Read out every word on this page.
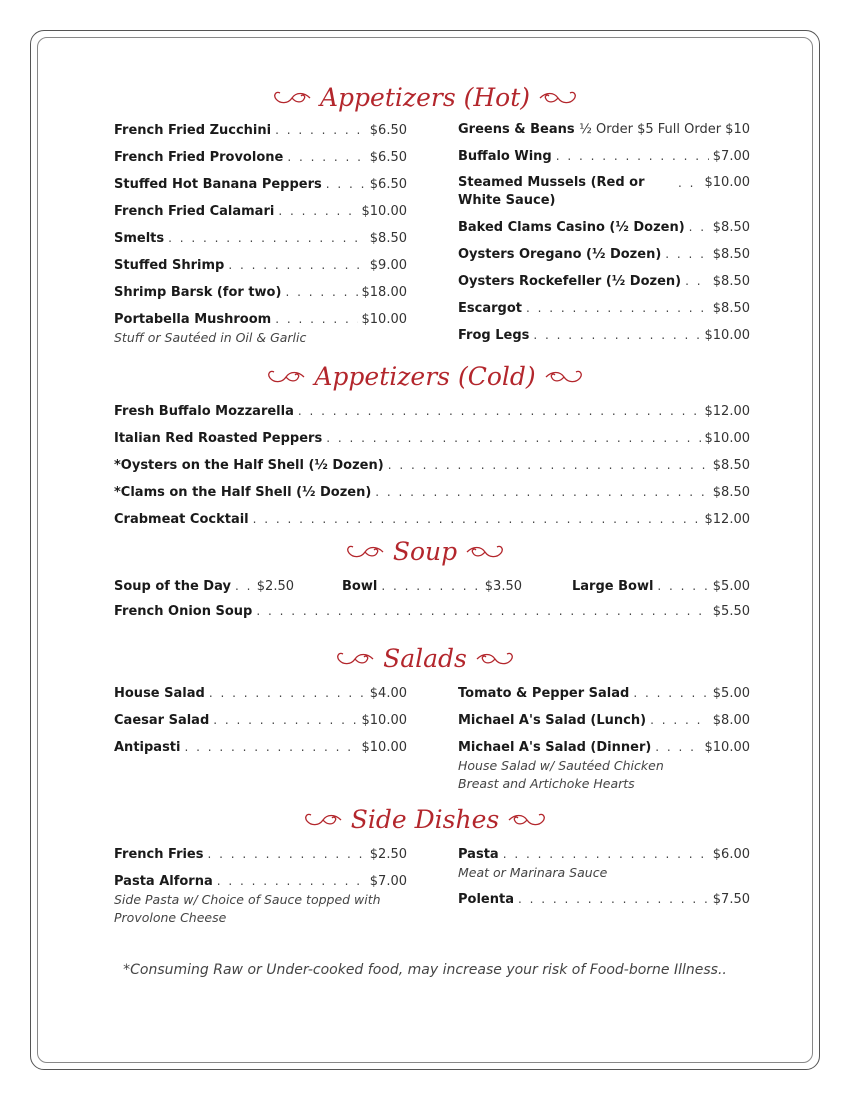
Appetizers (Hot)
French Fried Zucchini . . .	$6.50
French Fried Provolone . . .	$6.50
Stuffed Hot Banana Peppers . . .	$6.50
French Fried Calamari . . .	$10.00
Smelts . . .	$8.50
Stuffed Shrimp . . .	$9.00
Shrimp Barsk (for two) . . .	$18.00
Portabella Mushroom . . .	$10.00
Stuff or Sautéed in Oil & Garlic
Greens & Beans ½ Order $5 Full Order $10
Buffalo Wing . . .	$7.00
Steamed Mussels (Red or White Sauce)
. . .
$10.00
Baked Clams Casino (½ Dozen) . . . $8.50
Oysters Oregano (½ Dozen) . . .	$8.50
Oysters Rockefeller (½ Dozen) . . . $8.50
Escargot . . .	$8.50
Frog Legs . . .	$10.00
Appetizers (Cold)
Fresh Buffalo Mozzarella . . .	$12.00
Italian Red Roasted Peppers . . .	$10.00
*Oysters on the Half Shell (½ Dozen) . . .	$8.50
*Clams on the Half Shell (½ Dozen) . . .	$8.50
Crabmeat Cocktail . . .	$12.00
Soup
Soup of the Day . . . $2.50	Bowl . . .	$3.50	Large Bowl . . .	$5.00
French Onion Soup . . .	$5.50
Salads
House Salad . . .	$4.00
Caesar Salad . . .	$10.00
Antipasti . . .	$10.00
Tomato & Pepper Salad . . .	$5.00
Michael A's Salad (Lunch) . . .	$8.00
Michael A's Salad (Dinner) . . .	$10.00
House Salad w/ Sautéed Chicken Breast and Artichoke Hearts
Side Dishes
French Fries . . .	$2.50
Pasta Alforna . . .	$7.00
Side Pasta w/ Choice of Sauce topped with Provolone Cheese
Pasta . . .	$6.00
Meat or Marinara Sauce
Polenta . . .	$7.50
*Consuming Raw or Under-cooked food, may increase your risk of Food-borne Illness..
